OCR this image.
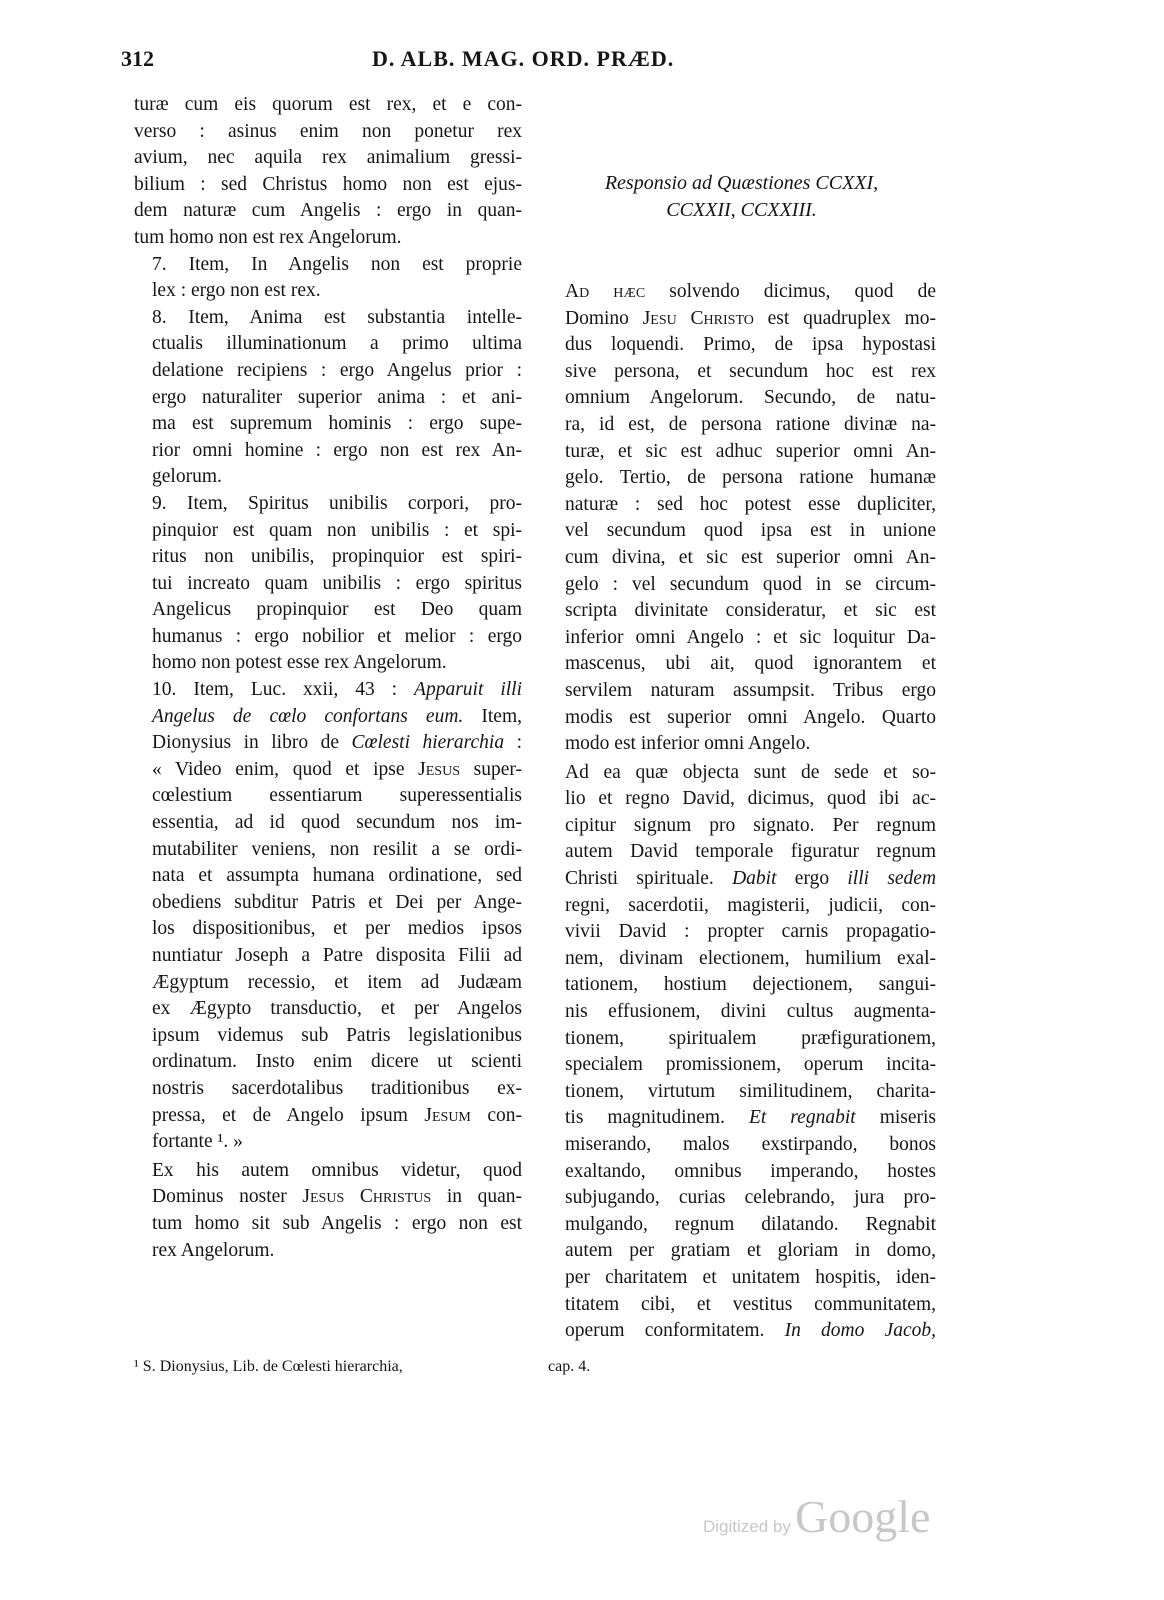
312	D. ALB. MAG. ORD. PRÆD.

turæ cum eis quorum est rex, et e con-
verso : asinus enim non ponetur rex
avium, nec aquila rex animalium gressi-
bilium : sed Christus homo non est ejus-
dem naturæ cum Angelis : ergo in quan-
tum homo non est rex Angelorum.

7. Item, In Angelis non est proprie
lex : ergo non est rex.

8. Item, Anima est substantia intelle-
ctualis illuminationum a primo ultima
delatione recipiens : ergo Angelus prior :
ergo naturaliter superior anima : et ani-
ma est supremum hominis : ergo supe-
rior omni homine : ergo non est rex An-
gelorum.

9. Item, Spiritus unibilis corpori, pro-
pinquior est quam non unibilis : et spi-
ritus non unibilis, propinquior est spiri-
tui increato quam unibilis : ergo spiritus
Angelicus propinquior est Deo quam
humanus : ergo nobilior et melior : ergo
homo non potest esse rex Angelorum.

10. Item, Luc. xxii, 43 : Apparuit illi
Angelus de cœlo confortans eum. Item,
Dionysius in libro de Cœlesti hierarchia :
« Video enim, quod et ipse Jesus super-
cœlestium essentiarum superessentialis
essentia, ad id quod secundum nos im-
mutabiliter veniens, non resilit a se ordi-
nata et assumpta humana ordinatione, sed
obediens subditur Patris et Dei per Ange-
los dispositionibus, et per medios ipsos
nuntiatur Joseph a Patre disposita Filii ad
Ægyptum recessio, et item ad Judæam
ex Ægypto transductio, et per Angelos
ipsum videmus sub Patris legislationibus
ordinatum. Insto enim dicere ut scienti
nostris sacerdotalibus traditionibus ex-
pressa, et de Angelo ipsum Jesum con-
fortante ¹. »

Ex his autem omnibus videtur, quod
Dominus noster Jesus Christus in quan-
tum homo sit sub Angelis : ergo non est
rex Angelorum.

Responsio ad Quæstiones CCXXI,
CCXXII, CCXXIII.

Ad hæc solvendo dicimus, quod de
Domino Jesu Christo est quadruplex mo-
dus loquendi. Primo, de ipsa hypostasi
sive persona, et secundum hoc est rex
omnium Angelorum. Secundo, de natu-
ra, id est, de persona ratione divinæ na-
turæ, et sic est adhuc superior omni An-
gelo. Tertio, de persona ratione humanæ
naturæ : sed hoc potest esse dupliciter,
vel secundum quod ipsa est in unione
cum divina, et sic est superior omni An-
gelo : vel secundum quod in se circum-
scripta divinitate consideratur, et sic est
inferior omni Angelo : et sic loquitur Da-
mascenus, ubi ait, quod ignorantem et
servilem naturam assumpsit. Tribus ergo
modis est superior omni Angelo. Quarto
modo est inferior omni Angelo.

Ad ea quæ objecta sunt de sede et so-
lio et regno David, dicimus, quod ibi ac-
cipitur signum pro signato. Per regnum
autem David temporale figuratur regnum
Christi spirituale. Dabit ergo illi sedem
regni, sacerdotii, magisterii, judicii, con-
vivii David : propter carnis propagatio-
nem, divinam electionem, humilium exal-
tationem, hostium dejectionem, sangui-
nis effusionem, divini cultus augmenta-
tionem, spiritualem præfigurationem,
specialem promissionem, operum incita-
tionem, virtutum similitudinem, charita-
tis magnitudinem. Et regnabit miseris
miserando, malos exstirpando, bonos
exaltando, omnibus imperando, hostes
subjugando, curias celebrando, jura pro-
mulgando, regnum dilatando. Regnabit
autem per gratiam et gloriam in domo,
per charitatem et unitatem hospitis, iden-
titatem cibi, et vestitus communitatem,
operum conformitatem. In domo Jacob,

¹ S. Dionysius, Lib. de Cœlesti hierarchia,	cap. 4.
Digitized by Google
